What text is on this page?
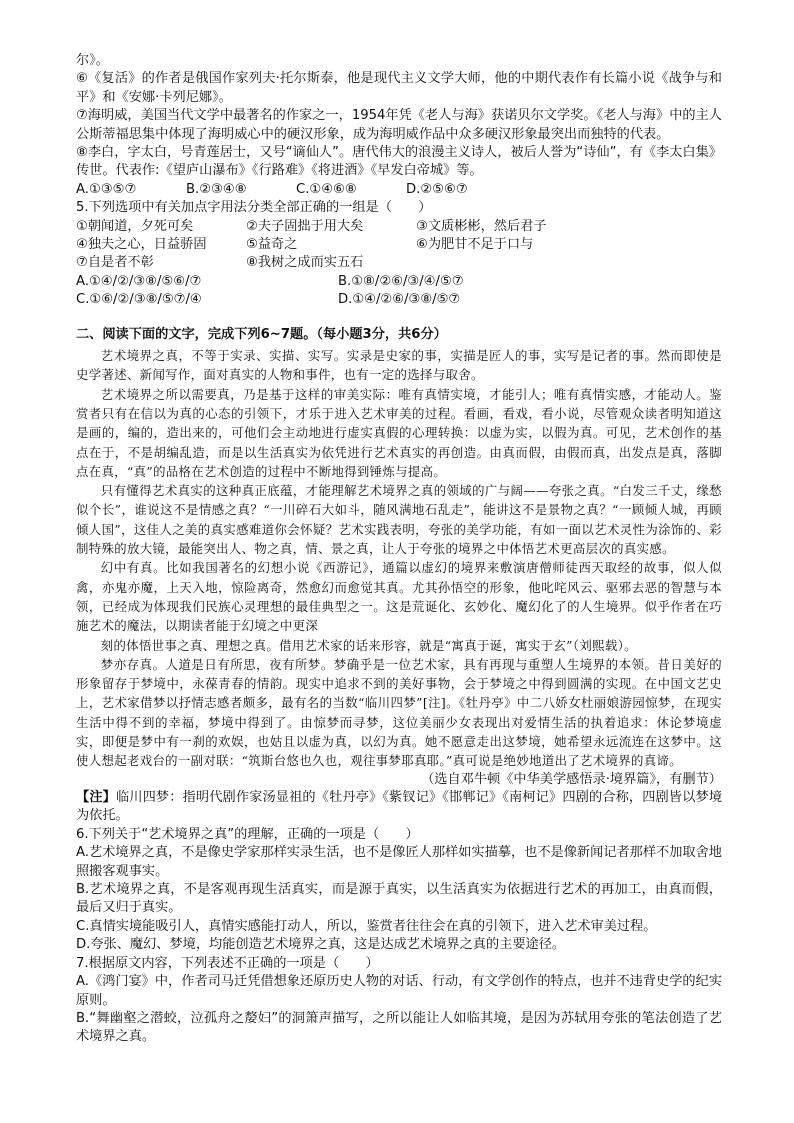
尔》。

⑥《复活》的作者是俄国作家列夫·托尔斯泰，他是现代主义文学大师，他的中期代表作有长篇小说《战争与和平》和《安娜·卡列尼娜》。

⑦海明威，美国当代文学中最著名的作家之一，1954年凭《老人与海》获诺贝尔文学奖。《老人与海》中的主人公斯蒂福思集中体现了海明威心中的硬汉形象，成为海明威作品中众多硬汉形象最突出而独特的代表。

⑧李白，字太白，号青莲居士，又号“谪仙人”。唐代伟大的浪漫主义诗人，被后人誉为“诗仙”，有《李太白集》传世。代表作:《望庐山瀑布》《行路难》《将进酒》《早发白帝城》等。

A.①③⑤⑦	B.②③④⑧	C.①④⑥⑧	D.②⑤⑥⑦

5.下列选项中有关加点字用法分类全部正确的一组是（　　）

①朝闻道，夕死可矣	②夫子固拙于用大矣	③文质彬彬，然后君子
④独夫之心，日益骄固	⑤益奇之	⑥为肥甘不足于口与
⑦自是者不彰	⑧我树之成而实五石
A.①④/②/③⑧/⑤⑥/⑦	B.①⑧/②⑥/③/④/⑤⑦
C.①⑥/②/③⑧/⑤⑦/④	D.①④/②⑥/③⑧/⑤⑦

二、阅读下面的文字，完成下列6~7题。（每小题3分，共6分）

艺术境界之真，不等于实录、实描、实写。实录是史家的事，实描是匠人的事，实写是记者的事。然而即使是史学著述、新闻写作，面对真实的人物和事件，也有一定的选择与取舍。

艺术境界之所以需要真，乃是基于这样的审美实际：唯有真情实境，才能引人；唯有真情实感，才能动人。鉴赏者只有在信以为真的心态的引领下，才乐于进入艺术审美的过程。看画，看戏，看小说，尽管观众读者明知道这是画的，编的，造出来的，可他们会主动地进行虚实真假的心理转换：以虚为实，以假为真。可见，艺术创作的基点在于，不是胡编乱造，而是以生活真实为依凭进行艺术真实的再创造。由真而假，由假而真，出发点是真，落脚点在真，“真”的品格在艺术创造的过程中不断地得到锤炼与提高。

只有懂得艺术真实的这种真正底蕴，才能理解艺术境界之真的领域的广与阔——夸张之真。“白发三千丈，缘愁似个长”，谁说这不是情感之真？“一川碎石大如斗，随风满地石乱走”，能讲这不是景物之真？“一顾倾人城，再顾倾人国”，这佳人之美的真实感难道你会怀疑？艺术实践表明，夸张的美学功能，有如一面以艺术灵性为涂饰的、彩制特殊的放大镜，最能突出人、物之真，情、景之真，让人于夸张的境界之中体悟艺术更高层次的真实感。

幻中有真。比如我国著名的幻想小说《西游记》，通篇以虚幻的境界来敷演唐僧师徒西天取经的故事，似人似禽，亦鬼亦魔，上天入地，惊险离奇，然愈幻而愈觉其真。尤其孙悟空的形象，他叱咤风云、驱邪去恶的智慧与本领，已经成为体现我们民族心灵理想的最佳典型之一。这是荒诞化、玄妙化、魔幻化了的人生境界。似乎作者在巧施艺术的魔法，以期读者能于幻境之中更深

刻的体悟世事之真、理想之真。借用艺术家的话来形容，就是“寓真于诞，寓实于玄”（刘熙载）。

梦亦存真。人道是日有所思，夜有所梦。梦确乎是一位艺术家，具有再现与重塑人生境界的本领。昔日美好的形象留存于梦境中，永葆青春的情韵。现实中追求不到的美好事物，会于梦境之中得到圆满的实现。在中国文艺史上，艺术家借梦以抒情志感者颇多，最有名的当数“临川四梦”[注]。《牡丹亭》中二八娇女杜丽娘游园惊梦，在现实生活中得不到的幸福，梦境中得到了。由惊梦而寻梦，这位美丽少女表现出对爱情生活的执着追求：休论梦境虚实，即便是梦中有一刹的欢娱，也姑且以虚为真，以幻为真。她不愿意走出这梦境，她希望永远流连在这梦中。这使人想起老戏台的一副对联：“筑斯台悠也久也，观往事梦耶真耶。”真可说是绝妙地道出了艺术境界的真谛。

（选自邓牛顿《中华美学感悟录·境界篇》，有删节）

【注】临川四梦：指明代剧作家汤显祖的《牡丹亭》《紫钗记》《邯郸记》《南柯记》四剧的合称，四剧皆以梦境为依托。

6.下列关于“艺术境界之真”的理解，正确的一项是（　　）

A.艺术境界之真，不是像史学家那样实录生活，也不是像匠人那样如实描摹，也不是像新闻记者那样不加取舍地照搬客观事实。

B.艺术境界之真，不是客观再现生活真实，而是源于真实，以生活真实为依据进行艺术的再加工，由真而假，最后又归于真实。

C.真情实境能吸引人，真情实感能打动人，所以，鉴赏者往往会在真的引领下，进入艺术审美过程。

D.夸张、魔幻、梦境，均能创造艺术境界之真，这是达成艺术境界之真的主要途径。

7.根据原文内容，下列表述不正确的一项是（　　）

A.《鸿门宴》中，作者司马迁凭借想象还原历史人物的对话、行动，有文学创作的特点，也并不违背史学的纪实原则。

B.“舞幽壑之潜蛟，泣孤舟之嫠妇”的洞箫声描写，之所以能让人如临其境，是因为苏轼用夸张的笔法创造了艺术境界之真。
